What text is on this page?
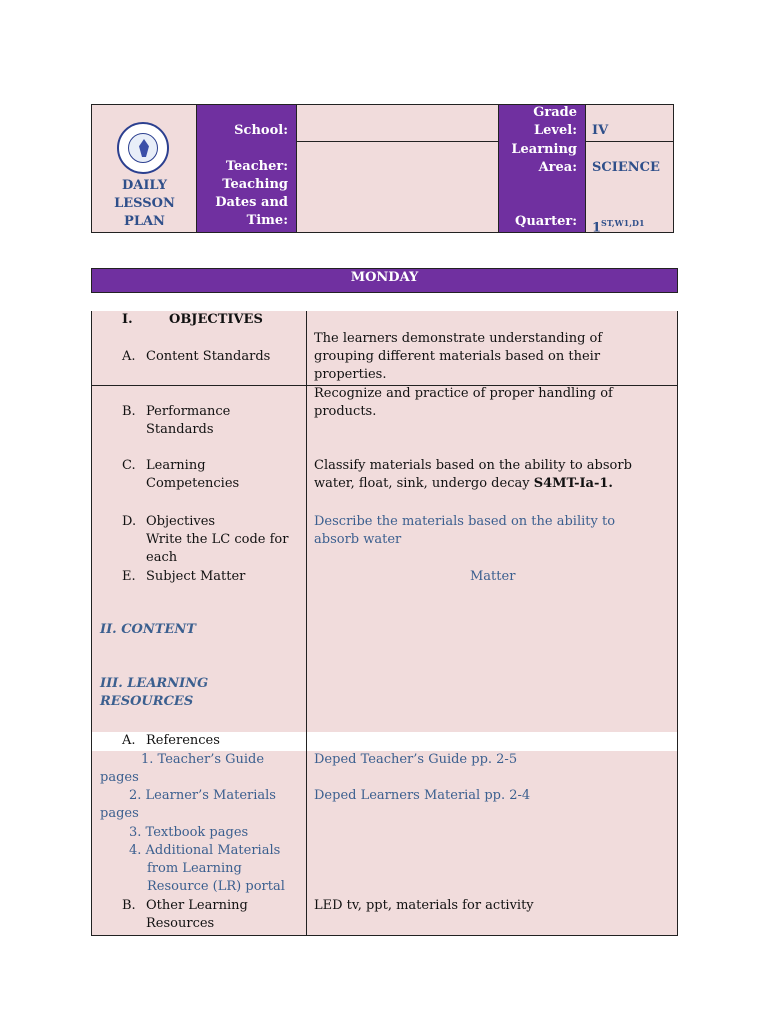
DAILY
LESSON
PLAN
School:
Teacher:
Teaching
Dates and
Time:
Grade
Level:
Learning
Area:
Quarter:
IV
SCIENCE
$1^{ST,W1,D1}$
MONDAY
I.	OBJECTIVES
A. Content Standards
The learners demonstrate understanding of
grouping different materials based on their
properties.
B. Performance
Standards
Recognize and practice of proper handling of
products.
C. Learning
Competencies
Classify materials based on the ability to absorb
water, float, sink, undergo decay S4MT-Ia-1.
D. Objectives
Write the LC code for
each
Describe the materials based on the ability to
absorb water
E. Subject Matter	Matter
II. CONTENT
III. LEARNING
RESOURCES
A. References
1. Teacher’s Guide
pages
2. Learner’s Materials
pages
Deped Teacher’s Guide pp. 2-5
Deped Learners Material pp. 2-4
3. Textbook pages
4. Additional Materials
from Learning
Resource (LR) portal
B. Other Learning
Resources
LED tv, ppt, materials for activity
